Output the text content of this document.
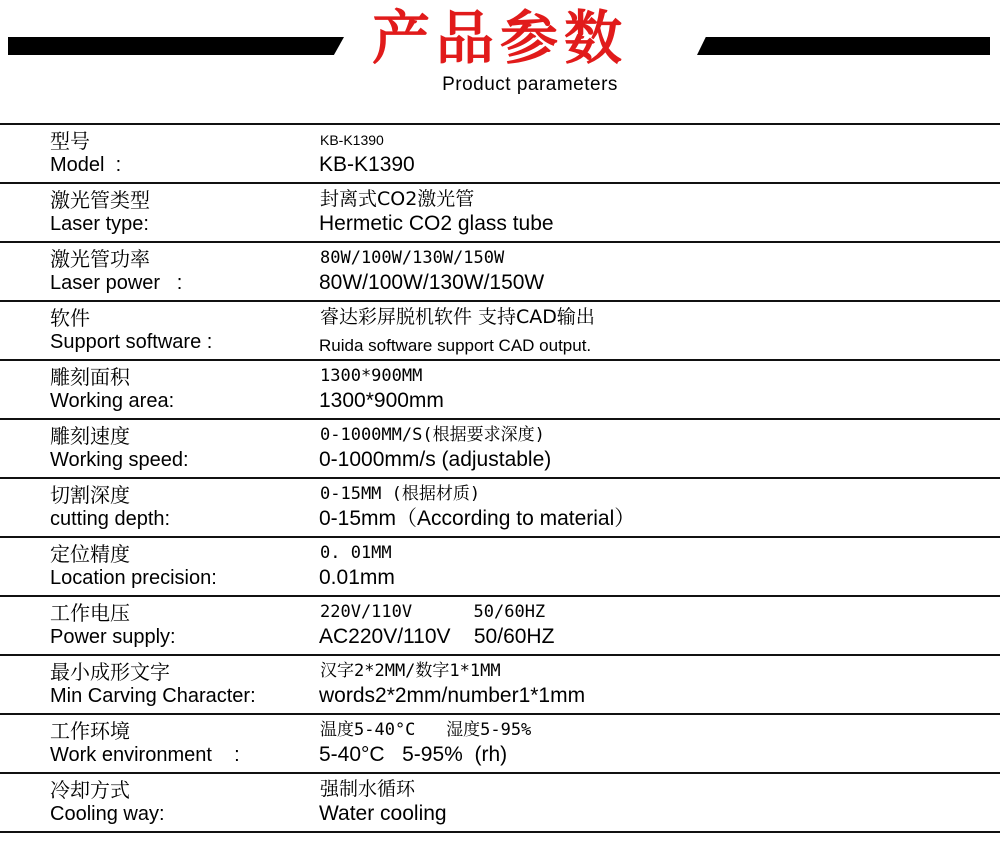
产品参数
Product parameters
型号
Model  :
KB-K1390
KB-K1390
激光管类型
Laser type:
封离式CO2激光管
Hermetic CO2 glass tube
激光管功率
Laser power   :
80W/100W/130W/150W
80W/100W/130W/150W
软件
Support software :
睿达彩屏脱机软件 支持CAD输出
Ruida software support CAD output.
雕刻面积
Working area:
1300*900MM
1300*900mm
雕刻速度
Working speed:
0-1000MM/S(根据要求深度)
0-1000mm/s (adjustable)
切割深度
cutting depth:
0-15MM (根据材质)
0-15mm（According to material）
定位精度
Location precision:
0. 01MM
0.01mm
工作电压
Power supply:
220V/110V      50/60HZ
AC220V/110V    50/60HZ
最小成形文字
Min Carving Character:
汉字2*2MM/数字1*1MM
words2*2mm/number1*1mm
工作环境
Work environment    :
温度5-40°C   湿度5-95%
5-40°C   5-95%  (rh)
冷却方式
Cooling way:
强制水循环
Water cooling
